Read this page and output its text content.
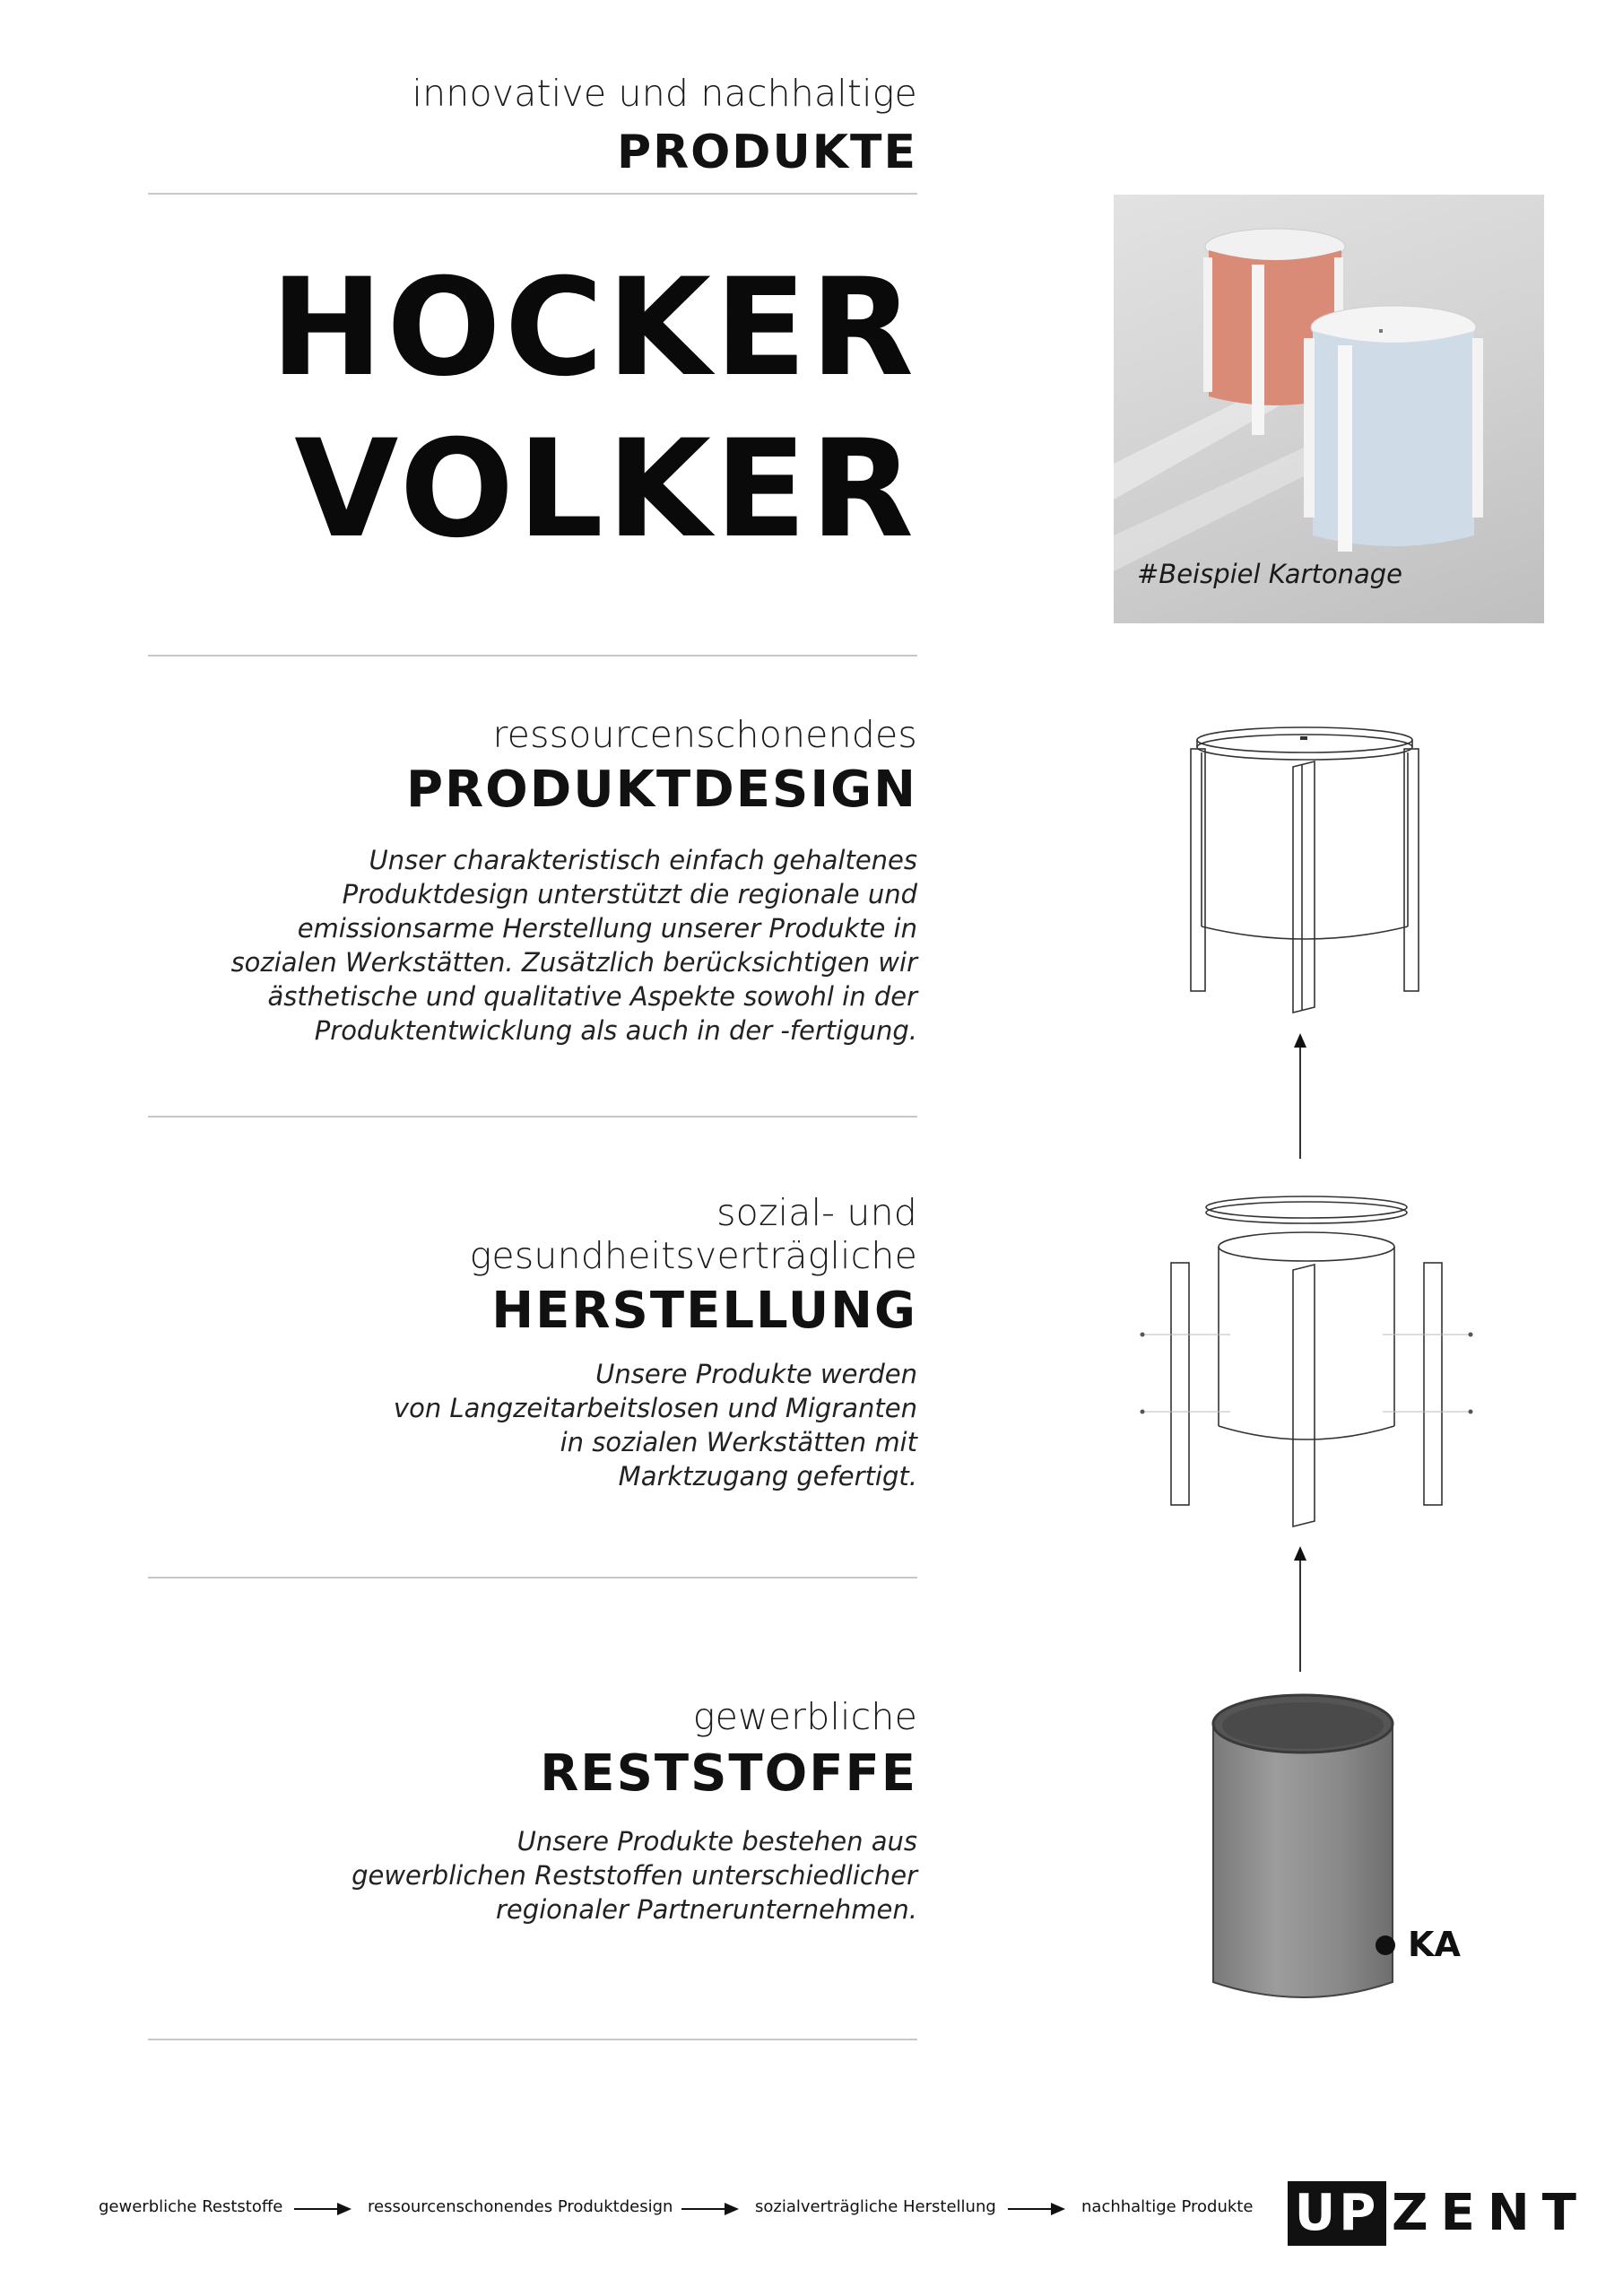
innovative und nachhaltige
PRODUKTE
HOCKER
VOLKER
#Beispiel Kartonage
ressourcenschonendes
PRODUKTDESIGN
Unser charakteristisch einfach gehaltenes
Produktdesign unterstützt die regionale und
emissionsarme Herstellung unserer Produkte in
sozialen Werkstätten. Zusätzlich berücksichtigen wir
ästhetische und qualitative Aspekte sowohl in der
Produktentwicklung als auch in der -fertigung.
sozial- und
gesundheitsverträgliche
HERSTELLUNG
Unsere Produkte werden
von Langzeitarbeitslosen und Migranten
in sozialen Werkstätten mit
Marktzugang gefertigt.
gewerbliche
RESTSTOFFE
Unsere Produkte bestehen aus
gewerblichen Reststoffen unterschiedlicher
regionaler Partnerunternehmen.
KA
gewerbliche Reststoffe	ressourcenschonendes Produktdesign	sozialverträgliche Herstellung	nachhaltige Produkte UP ZENT
